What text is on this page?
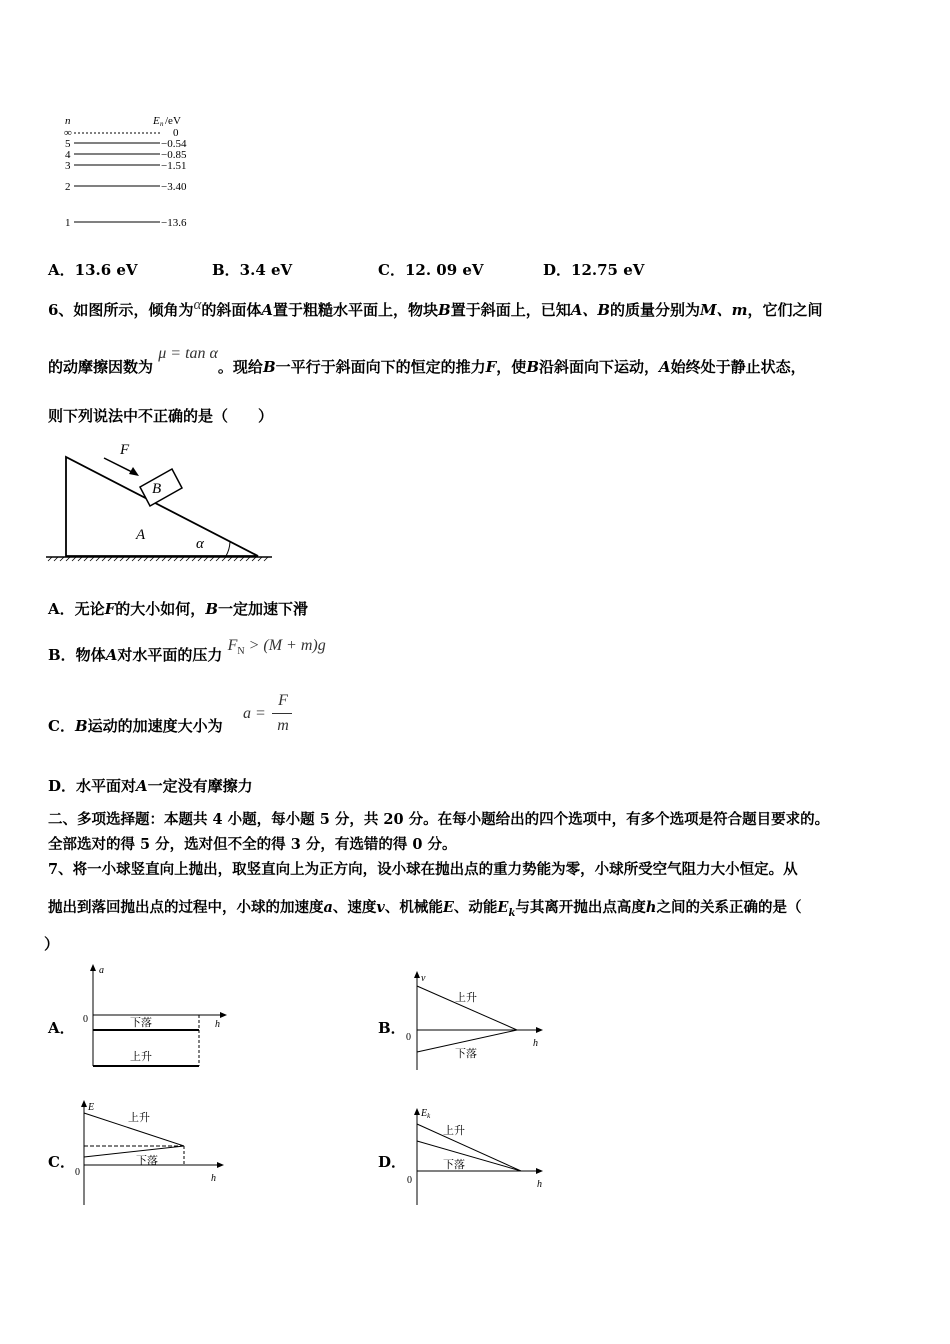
n	E n /eV
∞	0
5	−0.54
4	−0.85
3	−1.51
2	−3.40
1	−13.6
A．13.6 eV	B．3.4 eV	C．12. 09 eV	D．12.75 eV
6、如图所示，倾角为$^\alpha$的斜面体A置于粗糙水平面上，物块B置于斜面上，已知A、B的质量分别为M、m，它们之间
的动摩擦因数为 μ = tan α。现给B一平行于斜面向下的恒定的推力F，使B沿斜面向下运动，A始终处于静止状态，
则下列说法中不正确的是（　　）
F
B
A
α
A．无论F的大小如何，B一定加速下滑
B．物体A对水平面的压力 $F_N > (M + m)g$
C．B运动的加速度大小为
a =
F
m
D．水平面对A一定没有摩擦力
二、多项选择题：本题共 4 小题，每小题 5 分，共 20 分。在每小题给出的四个选项中，有多个选项是符合题目要求的。
全部选对的得 5 分，选对但不全的得 3 分，有选错的得 0 分。
7、将一小球竖直向上抛出，取竖直向上为正方向，设小球在抛出点的重力势能为零，小球所受空气阻力大小恒定。从
抛出到落回抛出点的过程中，小球的加速度a、速度v、机械能E、动能$E_k$与其离开抛出点高度h之间的关系正确的是（
）
A．
a
h
0	下落
上升
B．
v
h
0
上升
下落
C．
E
h
0
上升
下落	D．
$E_k$
h
0
上升
下落
